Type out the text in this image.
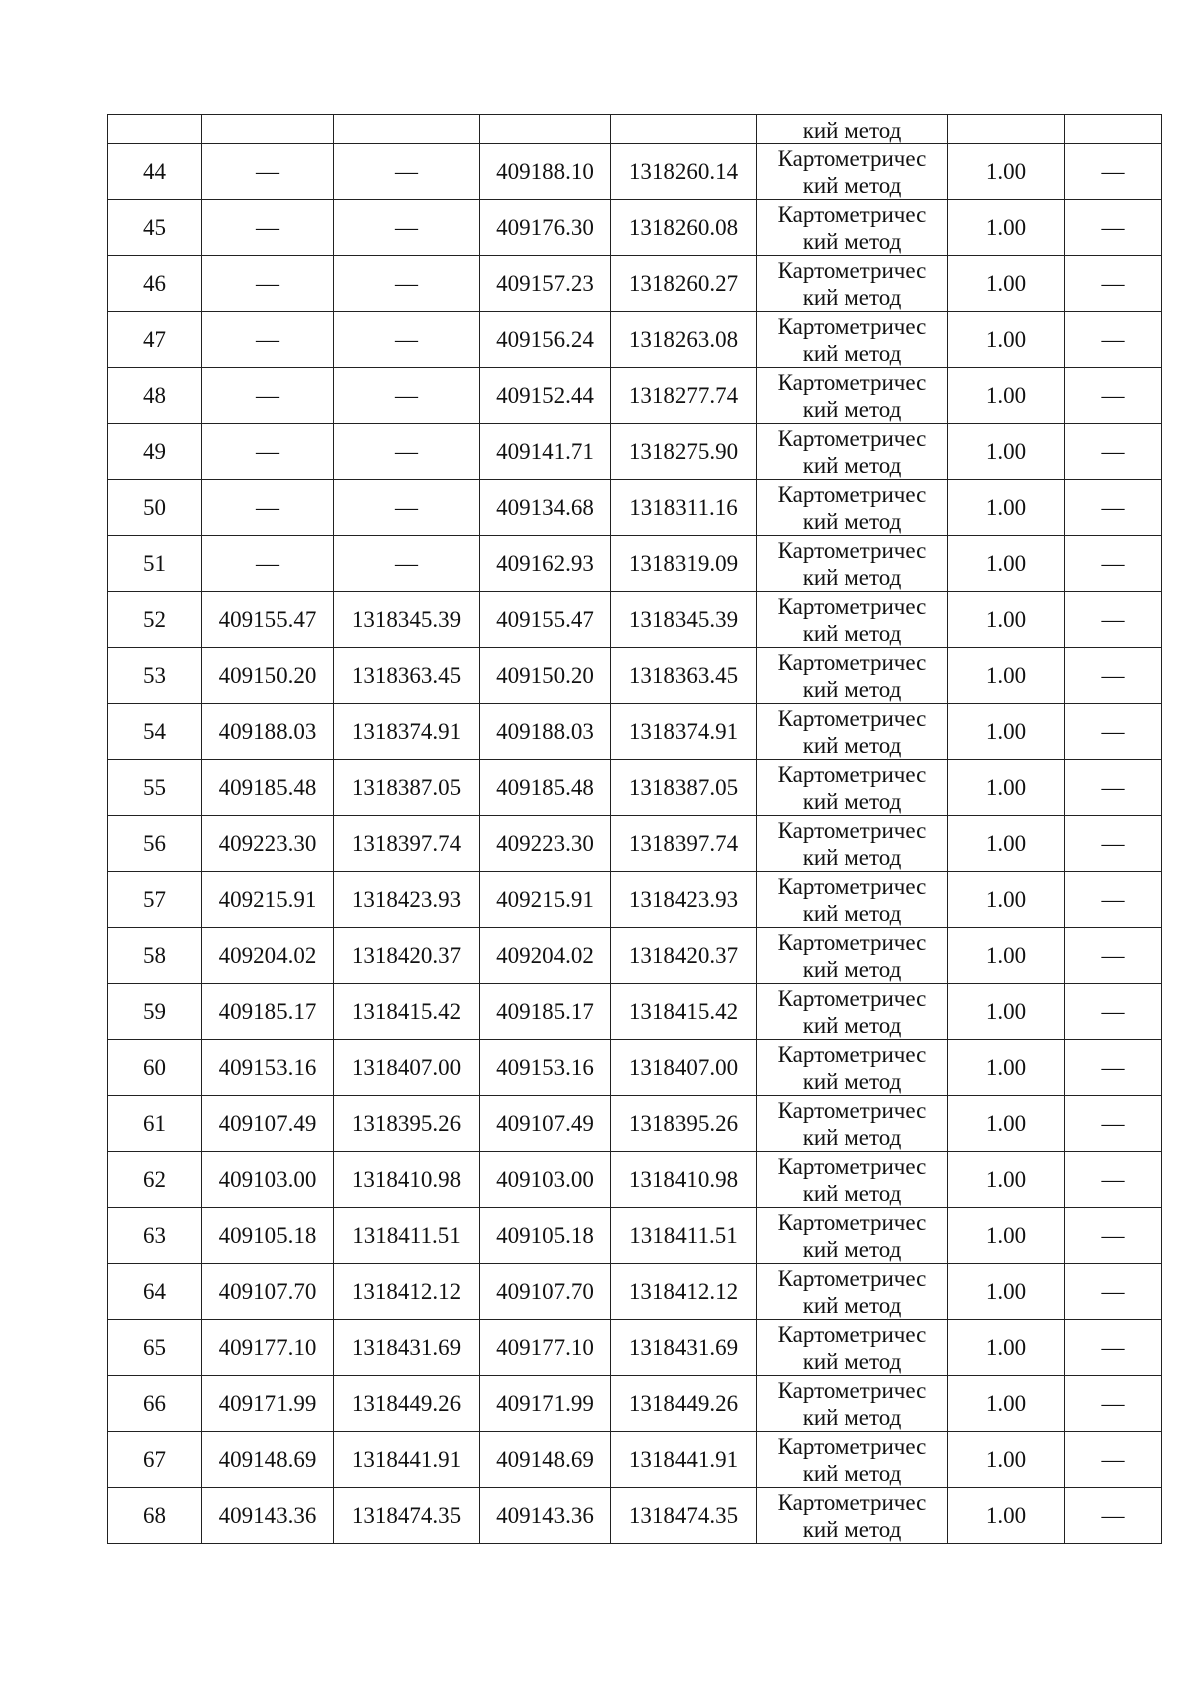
					кий метод		

44	—	—	409188.10	1318260.14	Картометричес
кий метод	1.00	—
45	—	—	409176.30	1318260.08	Картометричес
кий метод	1.00	—
46	—	—	409157.23	1318260.27	Картометричес
кий метод	1.00	—
47	—	—	409156.24	1318263.08	Картометричес
кий метод	1.00	—
48	—	—	409152.44	1318277.74	Картометричес
кий метод	1.00	—
49	—	—	409141.71	1318275.90	Картометричес
кий метод	1.00	—
50	—	—	409134.68	1318311.16	Картометричес
кий метод	1.00	—
51	—	—	409162.93	1318319.09	Картометричес
кий метод	1.00	—
52	409155.47	1318345.39	409155.47	1318345.39	Картометричес
кий метод	1.00	—
53	409150.20	1318363.45	409150.20	1318363.45	Картометричес
кий метод	1.00	—
54	409188.03	1318374.91	409188.03	1318374.91	Картометричес
кий метод	1.00	—
55	409185.48	1318387.05	409185.48	1318387.05	Картометричес
кий метод	1.00	—
56	409223.30	1318397.74	409223.30	1318397.74	Картометричес
кий метод	1.00	—
57	409215.91	1318423.93	409215.91	1318423.93	Картометричес
кий метод	1.00	—
58	409204.02	1318420.37	409204.02	1318420.37	Картометричес
кий метод	1.00	—
59	409185.17	1318415.42	409185.17	1318415.42	Картометричес
кий метод	1.00	—
60	409153.16	1318407.00	409153.16	1318407.00	Картометричес
кий метод	1.00	—
61	409107.49	1318395.26	409107.49	1318395.26	Картометричес
кий метод	1.00	—
62	409103.00	1318410.98	409103.00	1318410.98	Картометричес
кий метод	1.00	—
63	409105.18	1318411.51	409105.18	1318411.51	Картометричес
кий метод	1.00	—
64	409107.70	1318412.12	409107.70	1318412.12	Картометричес
кий метод	1.00	—
65	409177.10	1318431.69	409177.10	1318431.69	Картометричес
кий метод	1.00	—
66	409171.99	1318449.26	409171.99	1318449.26	Картометричес
кий метод	1.00	—
67	409148.69	1318441.91	409148.69	1318441.91	Картометричес
кий метод	1.00	—
68	409143.36	1318474.35	409143.36	1318474.35	Картометричес
кий метод	1.00	—
